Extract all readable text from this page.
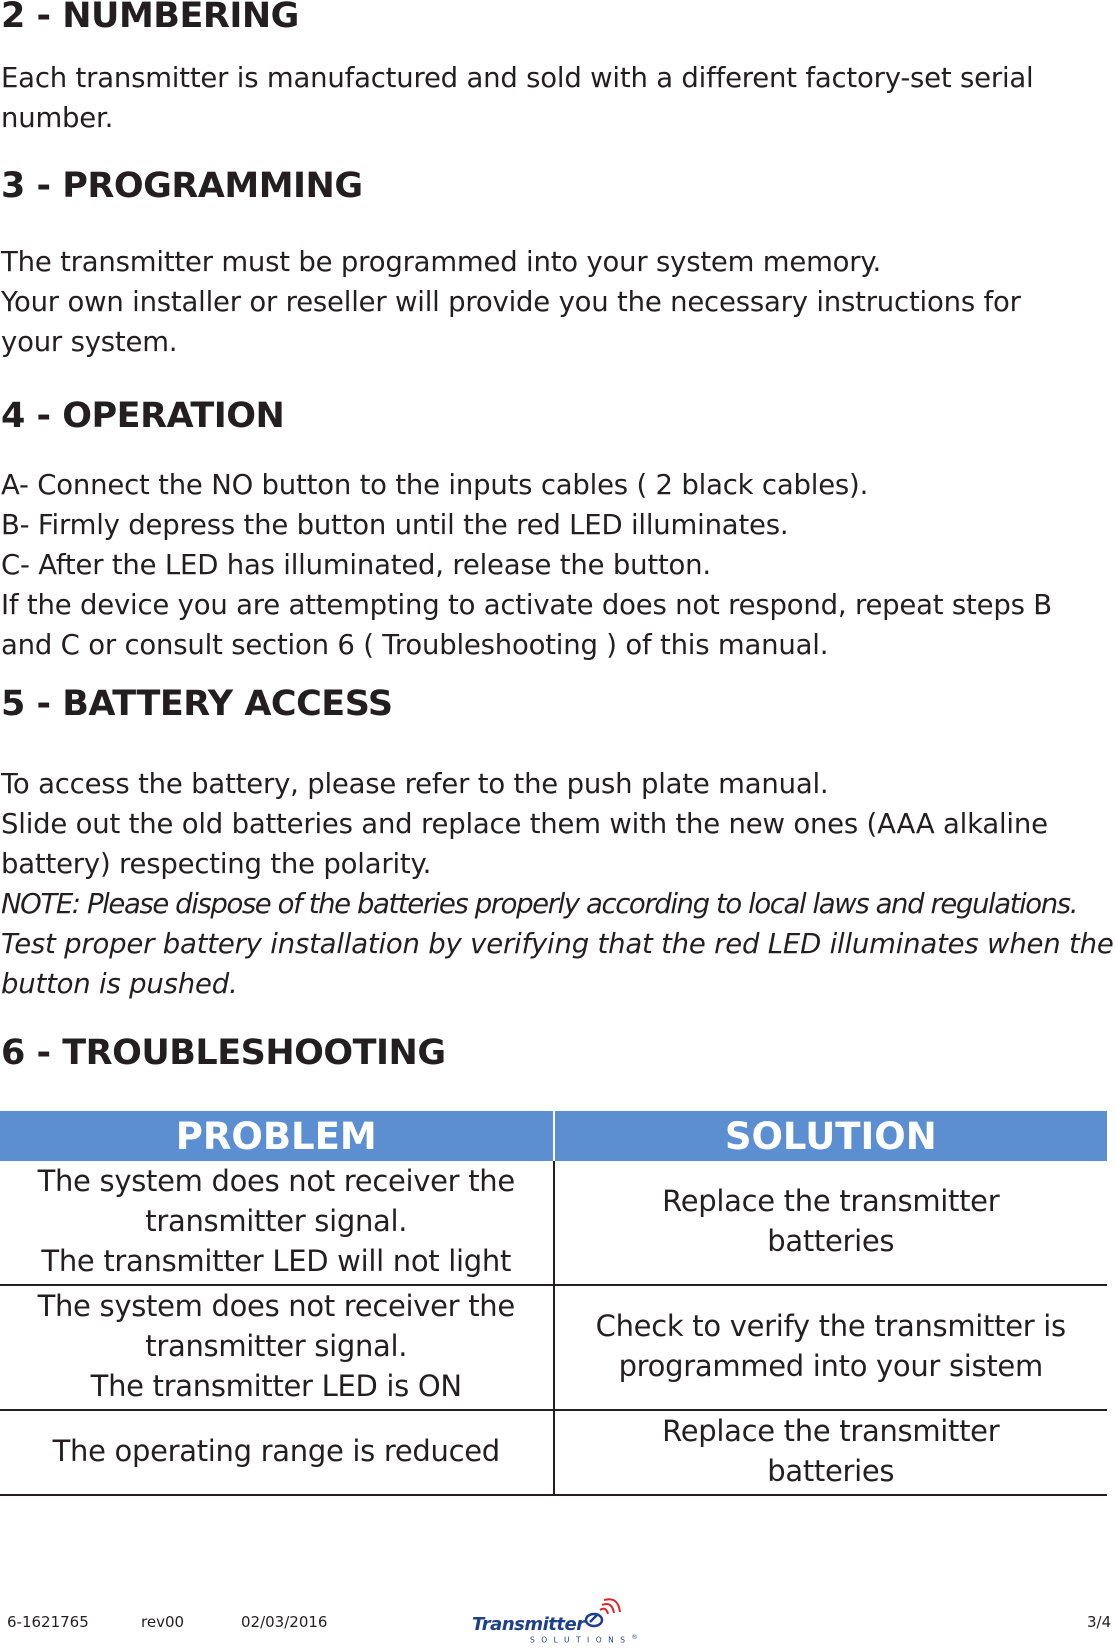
2 - NUMBERING

Each transmitter is manufactured and sold with a different factory-set serial

number.

3 - PROGRAMMING

The transmitter must be programmed into your system memory.

Your own installer or reseller will provide you the necessary instructions for

your system.

4 - OPERATION

A- Connect the NO button to the inputs cables ( 2 black cables).

B- Firmly depress the button until the red LED illuminates.

C- After the LED has illuminated, release the button.

If the device you are attempting to activate does not respond, repeat steps B

and C or consult section 6 ( Troubleshooting ) of this manual.

5 - BATTERY ACCESS

To access the battery, please refer to the push plate manual.

Slide out the old batteries and replace them with the new ones (AAA alkaline

battery) respecting the polarity.

NOTE: Please dispose of the batteries properly according to local laws and regulations.

Test proper battery installation by verifying that the red LED illuminates when the

button is pushed.

6 - TROUBLESHOOTING
PROBLEM	SOLUTION

The system does not receiver the
transmitter signal.
The transmitter LED will not light	Replace the transmitter
batteries

The system does not receiver the
transmitter signal.
The transmitter LED is ON	Check to verify the transmitter is
programmed into your sistem

The operating range is reduced	Replace the transmitter
batteries
6-1621765	rev00	02/03/2016	3/4
Transmitter
SOLUTIONS®
